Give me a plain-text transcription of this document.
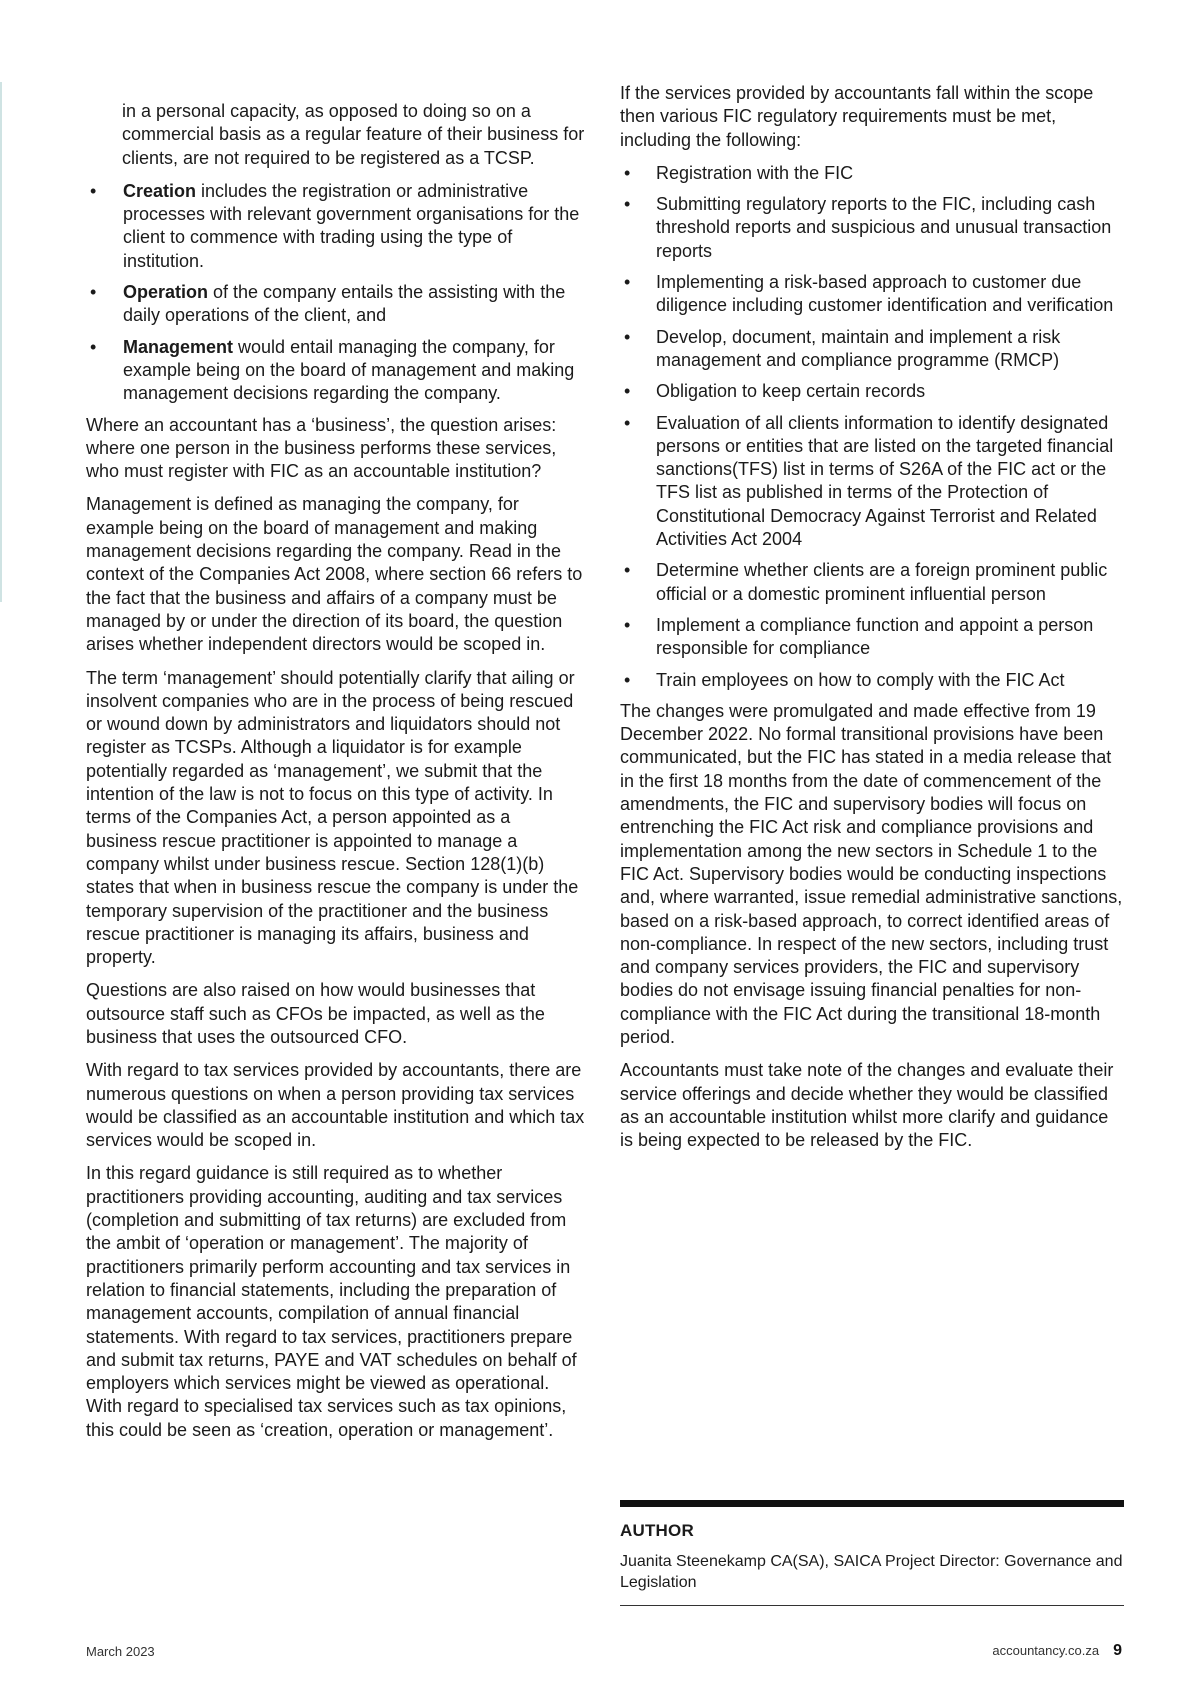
in a personal capacity, as opposed to doing so on a commercial basis as a regular feature of their business for clients, are not required to be registered as a TCSP.

• Creation includes the registration or administrative processes with relevant government organisations for the client to commence with trading using the type of institution.
• Operation of the company entails the assisting with the daily operations of the client, and
• Management would entail managing the company, for example being on the board of management and making management decisions regarding the company.

Where an accountant has a ‘business’, the question arises: where one person in the business performs these services, who must register with FIC as an accountable institution?

Management is defined as managing the company, for example being on the board of management and making management decisions regarding the company. Read in the context of the Companies Act 2008, where section 66 refers to the fact that the business and affairs of a company must be managed by or under the direction of its board, the question arises whether independent directors would be scoped in.

The term ‘management’ should potentially clarify that ailing or insolvent companies who are in the process of being rescued or wound down by administrators and liquidators should not register as TCSPs. Although a liquidator is for example potentially regarded as ‘management’, we submit that the intention of the law is not to focus on this type of activity. In terms of the Companies Act, a person appointed as a business rescue practitioner is appointed to manage a company whilst under business rescue. Section 128(1)(b) states that when in business rescue the company is under the temporary supervision of the practitioner and the business rescue practitioner is managing its affairs, business and property.

Questions are also raised on how would businesses that outsource staff such as CFOs be impacted, as well as the business that uses the outsourced CFO.

With regard to tax services provided by accountants, there are numerous questions on when a person providing tax services would be classified as an accountable institution and which tax services would be scoped in.

In this regard guidance is still required as to whether practitioners providing accounting, auditing and tax services (completion and submitting of tax returns) are excluded from the ambit of ‘operation or management’. The majority of practitioners primarily perform accounting and tax services in relation to financial statements, including the preparation of management accounts, compilation of annual financial statements. With regard to tax services, practitioners prepare and submit tax returns, PAYE and VAT schedules on behalf of employers which services might be viewed as operational. With regard to specialised tax services such as tax opinions, this could be seen as ‘creation, operation or management’.

If the services provided by accountants fall within the scope then various FIC regulatory requirements must be met, including the following:

• Registration with the FIC
• Submitting regulatory reports to the FIC, including cash threshold reports and suspicious and unusual transaction reports
• Implementing a risk-based approach to customer due diligence including customer identification and verification
• Develop, document, maintain and implement a risk management and compliance programme (RMCP)
• Obligation to keep certain records
• Evaluation of all clients information to identify designated persons or entities that are listed on the targeted financial sanctions(TFS) list in terms of S26A of the FIC act or the TFS list as published in terms of the Protection of Constitutional Democracy Against Terrorist and Related Activities Act 2004
• Determine whether clients are a foreign prominent public official or a domestic prominent influential person
• Implement a compliance function and appoint a person responsible for compliance
• Train employees on how to comply with the FIC Act

The changes were promulgated and made effective from 19 December 2022. No formal transitional provisions have been communicated, but the FIC has stated in a media release that in the first 18 months from the date of commencement of the amendments, the FIC and supervisory bodies will focus on entrenching the FIC Act risk and compliance provisions and implementation among the new sectors in Schedule 1 to the FIC Act. Supervisory bodies would be conducting inspections and, where warranted, issue remedial administrative sanctions, based on a risk-based approach, to correct identified areas of non-compliance. In respect of the new sectors, including trust and company services providers, the FIC and supervisory bodies do not envisage issuing financial penalties for non-compliance with the FIC Act during the transitional 18-month period.

Accountants must take note of the changes and evaluate their service offerings and decide whether they would be classified as an accountable institution whilst more clarify and guidance is being expected to be released by the FIC.

AUTHOR
Juanita Steenekamp CA(SA), SAICA Project Director: Governance and Legislation
March 2023	accountancy.co.za 9
